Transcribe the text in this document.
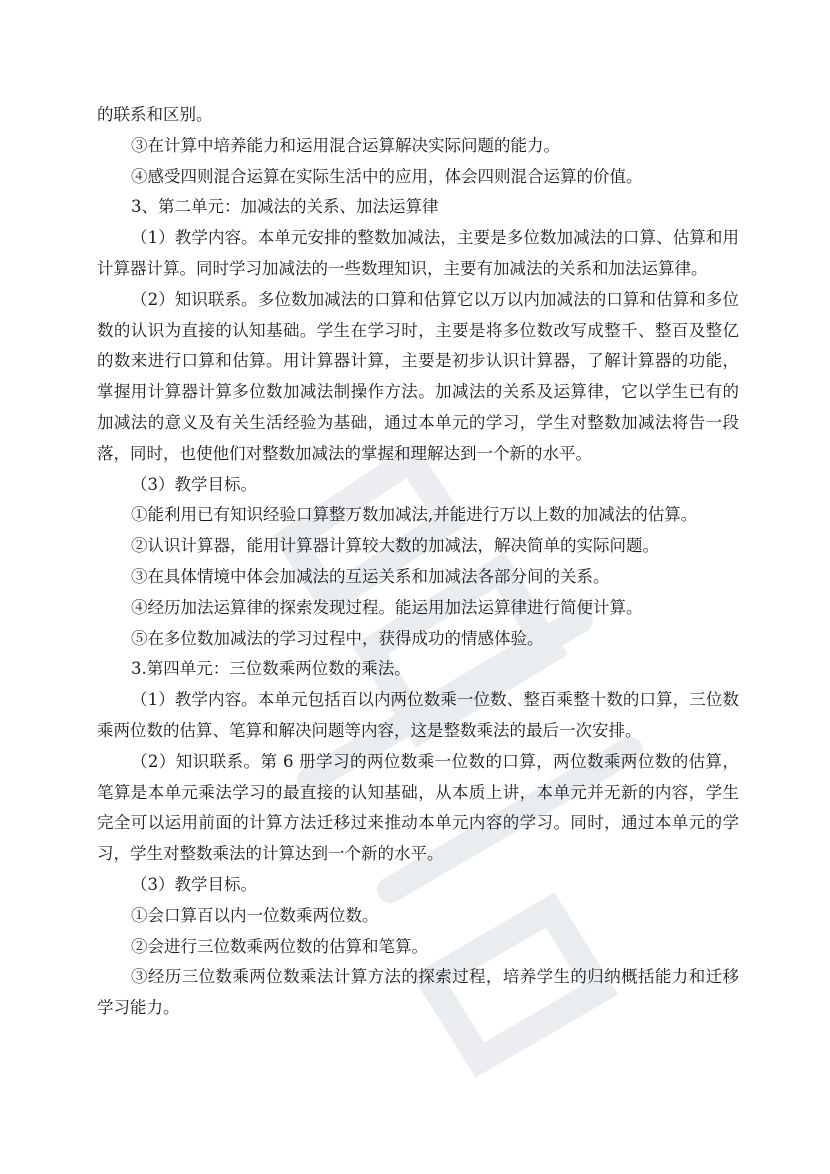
的联系和区别。

③在计算中培养能力和运用混合运算解决实际问题的能力。

④感受四则混合运算在实际生活中的应用，体会四则混合运算的价值。

3、第二单元：加减法的关系、加法运算律

（1）教学内容。本单元安排的整数加减法，主要是多位数加减法的口算、估算和用计算器计算。同时学习加减法的一些数理知识，主要有加减法的关系和加法运算律。

（2）知识联系。多位数加减法的口算和估算它以万以内加减法的口算和估算和多位数的认识为直接的认知基础。学生在学习时，主要是将多位数改写成整千、整百及整亿的数来进行口算和估算。用计算器计算，主要是初步认识计算器，了解计算器的功能，掌握用计算器计算多位数加减法制操作方法。加减法的关系及运算律，它以学生已有的加减法的意义及有关生活经验为基础，通过本单元的学习，学生对整数加减法将告一段落，同时，也使他们对整数加减法的掌握和理解达到一个新的水平。

（3）教学目标。

①能利用已有知识经验口算整万数加减法,并能进行万以上数的加减法的估算。

②认识计算器，能用计算器计算较大数的加减法，解决简单的实际问题。

③在具体情境中体会加减法的互运关系和加减法各部分间的关系。

④经历加法运算律的探索发现过程。能运用加法运算律进行简便计算。

⑤在多位数加减法的学习过程中，获得成功的情感体验。

3.第四单元：三位数乘两位数的乘法。

（1）教学内容。本单元包括百以内两位数乘一位数、整百乘整十数的口算，三位数乘两位数的估算、笔算和解决问题等内容，这是整数乘法的最后一次安排。

（2）知识联系。第 6 册学习的两位数乘一位数的口算，两位数乘两位数的估算，笔算是本单元乘法学习的最直接的认知基础，从本质上讲，本单元并无新的内容，学生完全可以运用前面的计算方法迁移过来推动本单元内容的学习。同时，通过本单元的学习，学生对整数乘法的计算达到一个新的水平。

（3）教学目标。

①会口算百以内一位数乘两位数。

②会进行三位数乘两位数的估算和笔算。

③经历三位数乘两位数乘法计算方法的探索过程，培养学生的归纳概括能力和迁移学习能力。
